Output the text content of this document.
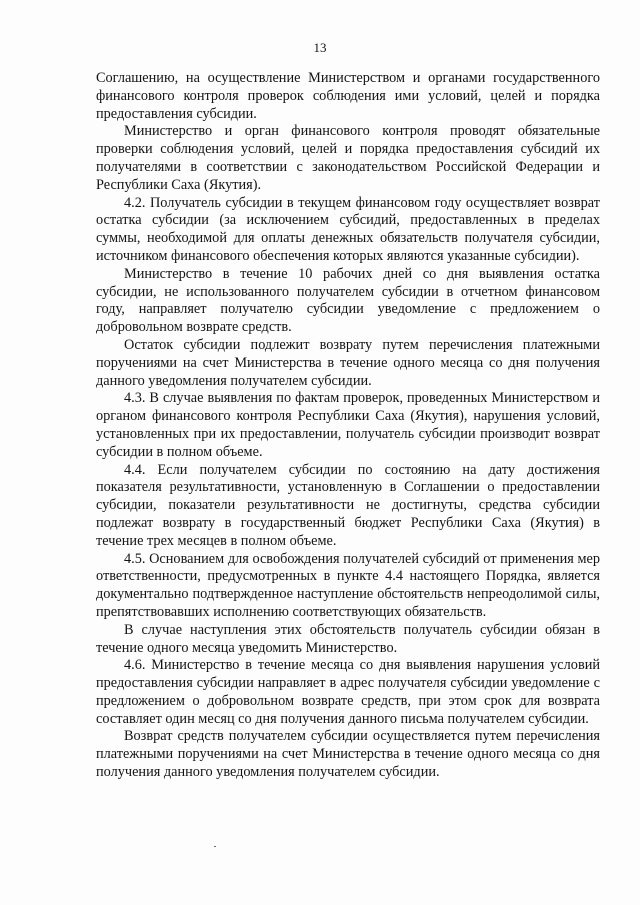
13

Соглашению, на осуществление Министерством и органами государственного финансового контроля проверок соблюдения ими условий, целей и порядка предоставления субсидии.

Министерство и орган финансового контроля проводят обязательные проверки соблюдения условий, целей и порядка предоставления субсидий их получателями в соответствии с законодательством Российской Федерации и Республики Саха (Якутия).

4.2. Получатель субсидии в текущем финансовом году осуществляет возврат остатка субсидии (за исключением субсидий, предоставленных в пределах суммы, необходимой для оплаты денежных обязательств получателя субсидии, источником финансового обеспечения которых являются указанные субсидии).

Министерство в течение 10 рабочих дней со дня выявления остатка субсидии, не использованного получателем субсидии в отчетном финансовом году, направляет получателю субсидии уведомление с предложением о добровольном возврате средств.

Остаток субсидии подлежит возврату путем перечисления платежными поручениями на счет Министерства в течение одного месяца со дня получения данного уведомления получателем субсидии.

4.3. В случае выявления по фактам проверок, проведенных Министерством и органом финансового контроля Республики Саха (Якутия), нарушения условий, установленных при их предоставлении, получатель субсидии производит возврат субсидии в полном объеме.

4.4. Если получателем субсидии по состоянию на дату достижения показателя результативности, установленную в Соглашении о предоставлении субсидии, показатели результативности не достигнуты, средства субсидии подлежат возврату в государственный бюджет Республики Саха (Якутия) в течение трех месяцев в полном объеме.

4.5. Основанием для освобождения получателей субсидий от применения мер ответственности, предусмотренных в пункте 4.4 настоящего Порядка, является документально подтвержденное наступление обстоятельств непреодолимой силы, препятствовавших исполнению соответствующих обязательств.

В случае наступления этих обстоятельств получатель субсидии обязан в течение одного месяца уведомить Министерство.

4.6. Министерство в течение месяца со дня выявления нарушения условий предоставления субсидии направляет в адрес получателя субсидии уведомление с предложением о добровольном возврате средств, при этом срок для возврата составляет один месяц со дня получения данного письма получателем субсидии.

Возврат средств получателем субсидии осуществляется путем перечисления платежными поручениями на счет Министерства в течение одного месяца со дня получения данного уведомления получателем субсидии.
